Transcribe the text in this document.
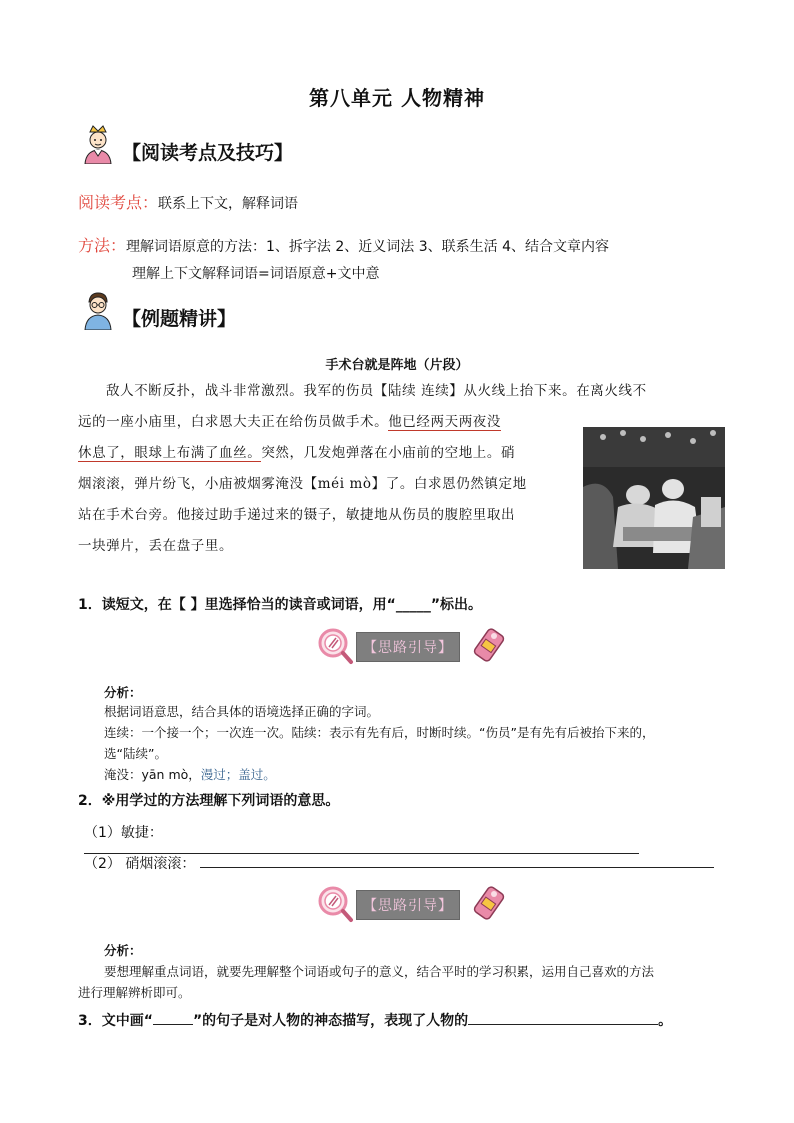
第八单元 人物精神
【阅读考点及技巧】
阅读考点：联系上下文，解释词语
方法：理解词语原意的方法：1、拆字法 2、近义词法 3、联系生活 4、结合文章内容
理解上下文解释词语=词语原意+文中意
【例题精讲】
手术台就是阵地（片段）
敌人不断反扑，战斗非常激烈。我军的伤员【陆续 连续】从火线上抬下来。在离火线不
远的一座小庙里，白求恩大夫正在给伤员做手术。他已经两天两夜没
休息了，眼球上布满了血丝。突然，几发炮弹落在小庙前的空地上。硝
烟滚滚，弹片纷飞，小庙被烟雾淹没【méi mò】了。白求恩仍然镇定地
站在手术台旁。他接过助手递过来的镊子，敏捷地从伤员的腹腔里取出
一块弹片，丢在盘子里。
1．读短文，在【 】里选择恰当的读音或词语，用“_____”标出。
【思路引导】
分析：
根据词语意思，结合具体的语境选择正确的字词。
连续：一个接一个；一次连一次。陆续：表示有先有后，时断时续。“伤员”是有先有后被抬下来的，
选“陆续”。
淹没：yān mò，漫过；盖过。
2．※用学过的方法理解下列词语的意思。
（1）敏捷：
（2） 硝烟滚滚：
【思路引导】
分析：
要想理解重点词语，就要先理解整个词语或句子的意义，结合平时的学习积累，运用自己喜欢的方法
进行理解辨析即可。
3．文中画“	”的句子是对人物的神态描写，表现了人物的	。
